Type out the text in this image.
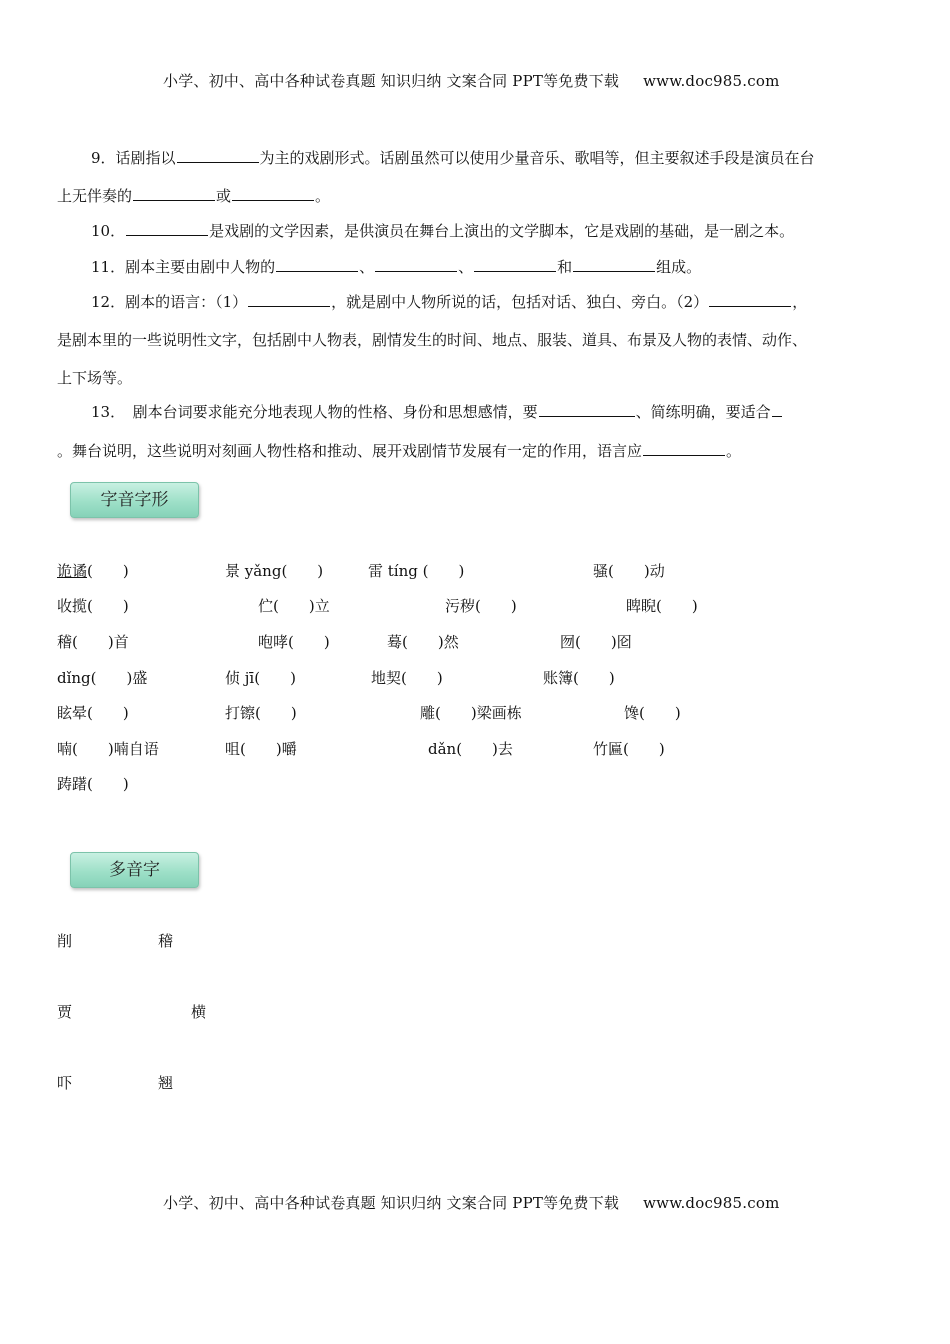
小学、初中、高中各种试卷真题 知识归纳 文案合同 PPT等免费下载 www.doc985.com
9．话剧指以	为主的戏剧形式。话剧虽然可以使用少量音乐、歌唱等，但主要叙述手段是演员在台
上无伴奏的	或	。
10．	是戏剧的文学因素，是供演员在舞台上演出的文学脚本，它是戏剧的基础，是一剧之本。
11．剧本主要由剧中人物的	、	、	和	组成。
12．剧本的语言：（1）	，就是剧中人物所说的话，包括对话、独白、旁白。（2）	，
是剧本里的一些说明性文字，包括剧中人物表，剧情发生的时间、地点、服装、道具、布景及人物的表情、动作、
上下场等。
13．　剧本台词要求能充分地表现人物的性格、身份和思想感情，要	、简练明确，要适合
。舞台说明，这些说明对刻画人物性格和推动、展开戏剧情节发展有一定的作用，语言应	。
字音字形
诡谲(　　)	景 yǎng(　　)	雷 tíng (　　)	骚(　　)动
收揽(　　)	伫(　　)立	污秽(　　)	睥睨(　　)
稽(　　)首	咆哮(　　)	蓦(　　)然	囫(　　)囵
dǐng(　　)盛	侦 jī(　　)	地契(　　)	账簿(　　)
眩晕(　　)	打镲(　　)	雕(　　)梁画栋	馋(　　)
喃(　　)喃自语	咀(　　)嚼	dǎn(　　)去	竹匾(　　)
踌躇(　　)
多音字
削	稽
贾	横
吓	翘
小学、初中、高中各种试卷真题 知识归纳 文案合同 PPT等免费下载 www.doc985.com
